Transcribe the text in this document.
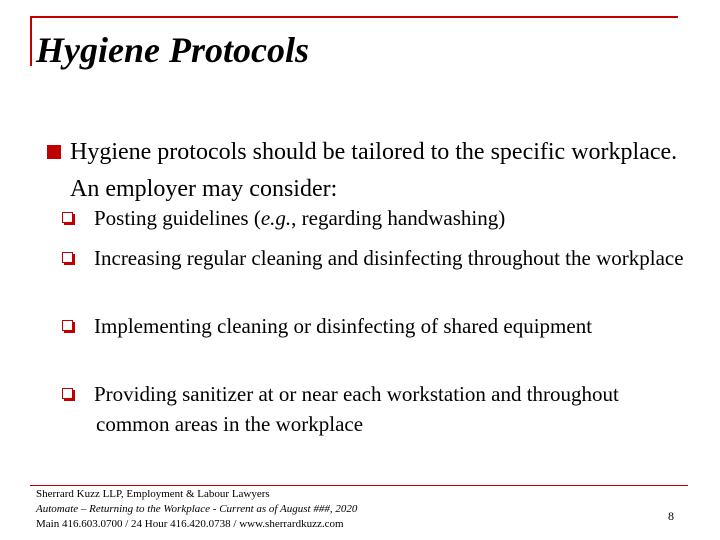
Hygiene Protocols
Hygiene protocols should be tailored to the specific workplace. An employer may consider:
Posting guidelines (e.g., regarding handwashing)
Increasing regular cleaning and disinfecting throughout the workplace
Implementing cleaning or disinfecting of shared equipment
Providing sanitizer at or near each workstation and throughout common areas in the workplace
Sherrard Kuzz LLP, Employment & Labour Lawyers
Automate – Returning to the Workplace - Current as of August ###, 2020
Main 416.603.0700 / 24 Hour 416.420.0738 / www.sherrardkuzz.com
8
